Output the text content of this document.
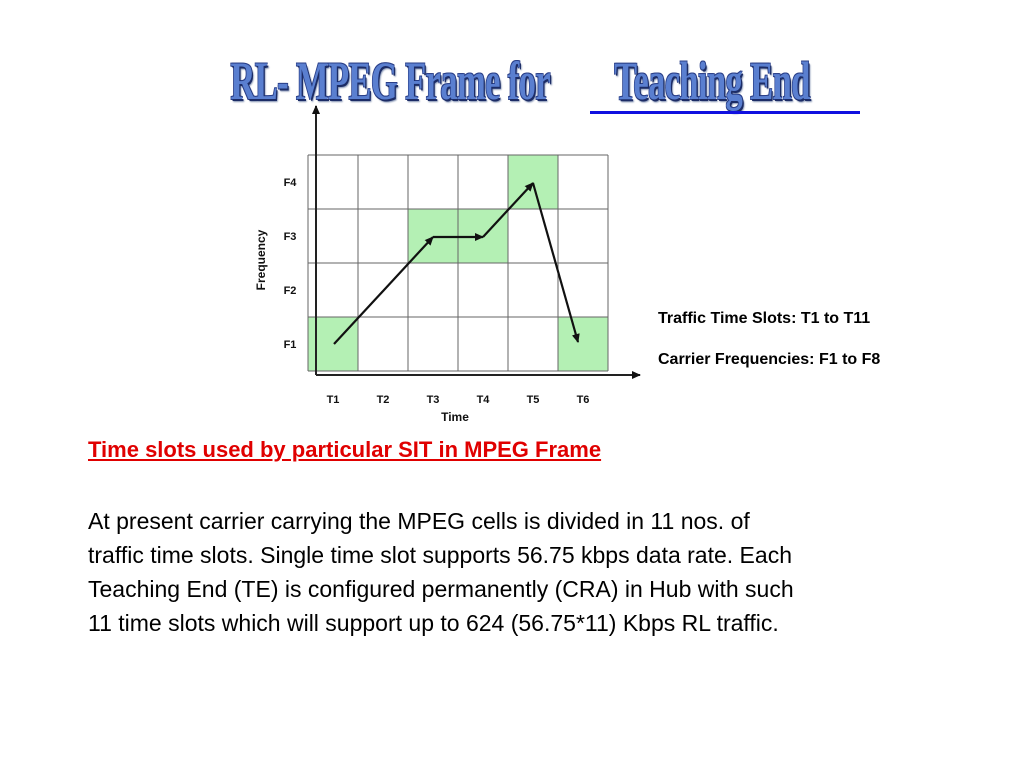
RL- MPEG Frame forTeaching End
F4
F3
F2
F1
T1	T2	T3	T4	T5	T6
Frequency
Time
Traffic Time Slots: T1 to T11
Carrier Frequencies: F1 to F8
Time slots used by particular SIT in MPEG Frame
At present carrier carrying the MPEG cells is divided in 11 nos. of
traffic time slots. Single time slot supports 56.75 kbps data rate. Each
Teaching End (TE) is configured permanently (CRA) in Hub with such
11 time slots which will support up to 624 (56.75*11) Kbps RL traffic.
